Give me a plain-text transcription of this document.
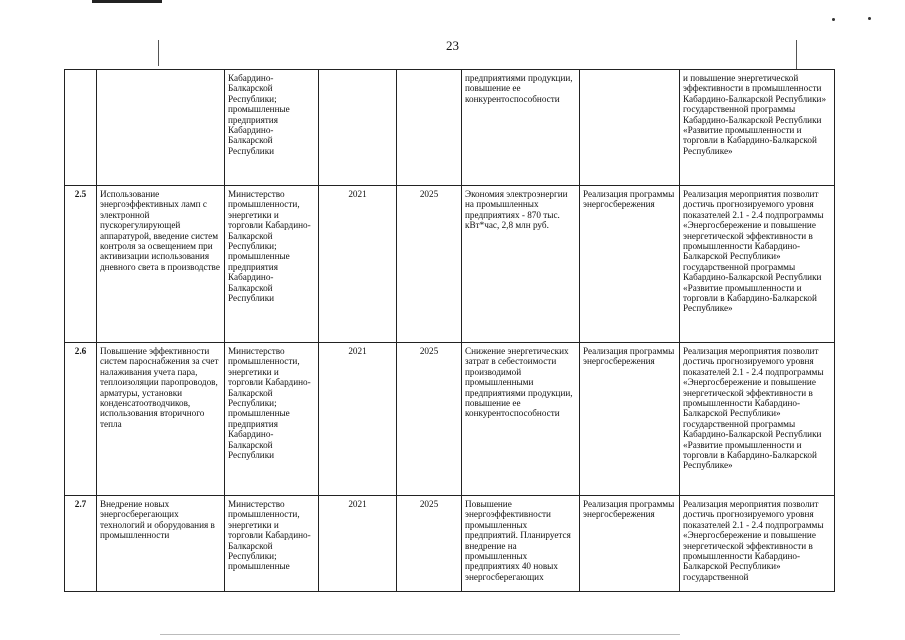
23
		Кабардино-Балкарской Республики; промышленные предприятия Кабардино-Балкарской Республики			предприятиями продукции, повышение ее конкурентоспособности		и повышение энергетической эффективности в промышленности Кабардино-Балкарской Республики» государственной программы Кабардино-Балкарской Республики «Развитие промышленности и торговли в Кабардино-Балкарской Республике»
2.5	Использование энергоэффективных ламп с электронной пускорегулирующей аппаратурой, введение систем контроля за освещением при активизации использования дневного света в производстве	Министерство промышленности, энергетики и торговли Кабардино-Балкарской Республики; промышленные предприятия Кабардино-Балкарской Республики	2021	2025	Экономия электроэнергии на промышленных предприятиях - 870 тыс. кВт*час, 2,8 млн руб.	Реализация программы энергосбережения	Реализация мероприятия позволит достичь прогнозируемого уровня показателей 2.1 - 2.4 подпрограммы «Энергосбережение и повышение энергетической эффективности в промышленности Кабардино-Балкарской Республики» государственной программы Кабардино-Балкарской Республики «Развитие промышленности и торговли в Кабардино-Балкарской Республике»
2.6	Повышение эффективности систем пароснабжения за счет налаживания учета пара, теплоизоляции паропроводов, арматуры, установки конденсатоотводчиков, использования вторичного тепла	Министерство промышленности, энергетики и торговли Кабардино-Балкарской Республики; промышленные предприятия Кабардино-Балкарской Республики	2021	2025	Снижение энергетических затрат в себестоимости производимой промышленными предприятиями продукции, повышение ее конкурентоспособности	Реализация программы энергосбережения	Реализация мероприятия позволит достичь прогнозируемого уровня показателей 2.1 - 2.4 подпрограммы «Энергосбережение и повышение энергетической эффективности в промышленности Кабардино-Балкарской Республики» государственной программы Кабардино-Балкарской Республики «Развитие промышленности и торговли в Кабардино-Балкарской Республике»
2.7	Внедрение новых энергосберегающих технологий и оборудования в промышленности	Министерство промышленности, энергетики и торговли Кабардино-Балкарской Республики; промышленные	2021	2025	Повышение энергоэффективности промышленных предприятий. Планируется внедрение на промышленных предприятиях 40 новых энергосберегающих	Реализация программы энергосбережения	Реализация мероприятия позволит достичь прогнозируемого уровня показателей 2.1 - 2.4 подпрограммы «Энергосбережение и повышение энергетической эффективности в промышленности Кабардино-Балкарской Республики» государственной
